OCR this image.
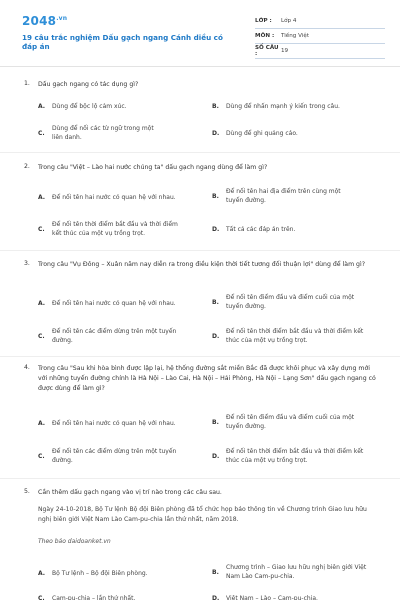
$2048^{.vn}$
19 câu trắc nghiệm Dấu gạch ngang Cánh diều có đáp án
LỚP :	Lớp 4
MÔN :	Tiếng Việt
SỐ CÂU :	19
1. Dấu gạch ngang có tác dụng gì?
A. Dùng để bộc lộ cảm xúc.	B. Dùng để nhấn mạnh ý kiến trong câu.
C.
Dùng để nối các từ ngữ trong một liên danh.
D. Dùng để ghi quảng cáo.
2. Trong câu "Việt – Lào hai nước chúng ta" dấu gạch ngang dùng để làm gì?
A. Để nối tên hai nước có quan hệ với nhau.	B.
Để nối tên hai địa điểm trên cùng một tuyến đường.
C.
Để nối tên thời điểm bắt đầu và thời điểm kết thúc của một vụ trồng trọt.
D. Tất cả các đáp án trên.
3. Trong câu "Vụ Đông – Xuân năm nay diễn ra trong điều kiện thời tiết tương đối thuận lợi" dùng để làm gì?
A. Để nối tên hai nước có quan hệ với nhau.	B.
Để nối tên điểm đầu và điểm cuối của một tuyến đường.
C.
Để nối tên các điểm dừng trên một tuyến đường.
D.
Để nối tên thời điểm bắt đầu và thời điểm kết thúc của một vụ trồng trọt.
4. Trong câu "Sau khi hòa bình được lập lại, hệ thống đường sắt miền Bắc đã được khôi phục và xây dựng mới với những tuyến đường chính là Hà Nội – Lào Cai, Hà Nội – Hải Phòng, Hà Nội – Lạng Sơn" dấu gạch ngang có được dùng để làm gì?
A. Để nối tên hai nước có quan hệ với nhau.	B.
Để nối tên điểm đầu và điểm cuối của một tuyến đường.
C.
Để nối tên các điểm dừng trên một tuyến đường.
D.
Để nối tên thời điểm bắt đầu và thời điểm kết thúc của một vụ trồng trọt.
5. Cần thêm dấu gạch ngang vào vị trí nào trong các câu sau.
Ngày 24-10-2018, Bộ Tư lệnh Bộ đội Biên phòng đã tổ chức họp báo thông tin về Chương trình Giao lưu hữu nghị biên giới Việt Nam Lào Cam-pu-chia lần thứ nhất, năm 2018.
Theo báo daidoanket.vn
A. Bộ Tư lệnh – Bộ đội Biên phòng.	B.
Chương trình – Giao lưu hữu nghị biên giới Việt Nam Lào Cam-pu-chia.
C. Cam-pu-chia – lần thứ nhất.	D. Việt Nam – Lào – Cam-pu-chia.
